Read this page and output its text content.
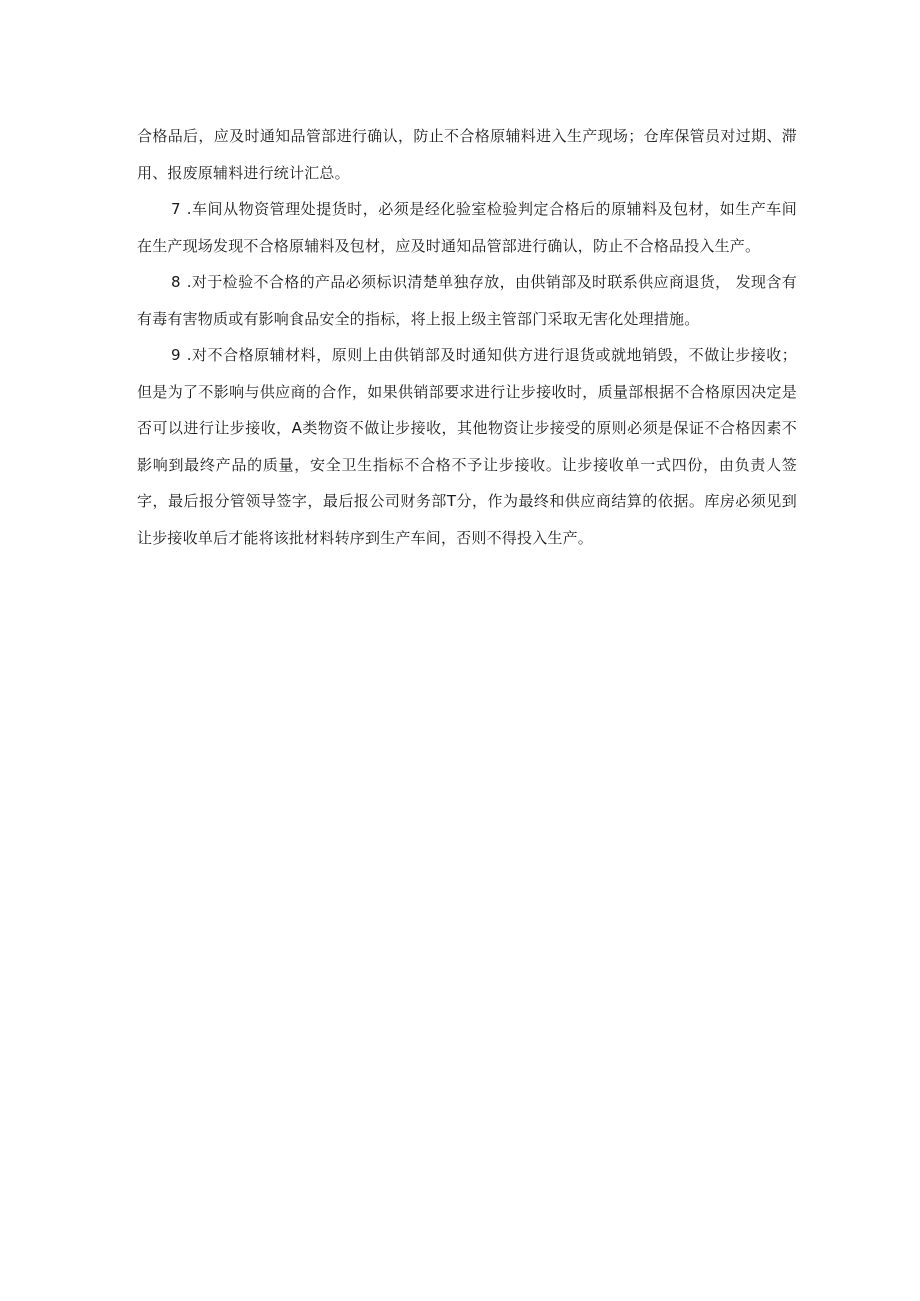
合格品后，应及时通知品管部进行确认，防止不合格原辅料进入生产现场；仓库保管员对过期、滞用、报废原辅料进行统计汇总。

7 .车间从物资管理处提货时，必须是经化验室检验判定合格后的原辅料及包材，如生产车间在生产现场发现不合格原辅料及包材，应及时通知品管部进行确认，防止不合格品投入生产。

8 .对于检验不合格的产品必须标识清楚单独存放，由供销部及时联系供应商退货， 发现含有有毒有害物质或有影响食品安全的指标，将上报上级主管部门采取无害化处理措施。

9 .对不合格原辅材料，原则上由供销部及时通知供方进行退货或就地销毁，不做让步接收；但是为了不影响与供应商的合作，如果供销部要求进行让步接收时，质量部根据不合格原因决定是否可以进行让步接收，A类物资不做让步接收，其他物资让步接受的原则必须是保证不合格因素不影响到最终产品的质量，安全卫生指标不合格不予让步接收。让步接收单一式四份，由负责人签字，最后报分管领导签字，最后报公司财务部T分，作为最终和供应商结算的依据。库房必须见到让步接收单后才能将该批材料转序到生产车间，否则不得投入生产。
